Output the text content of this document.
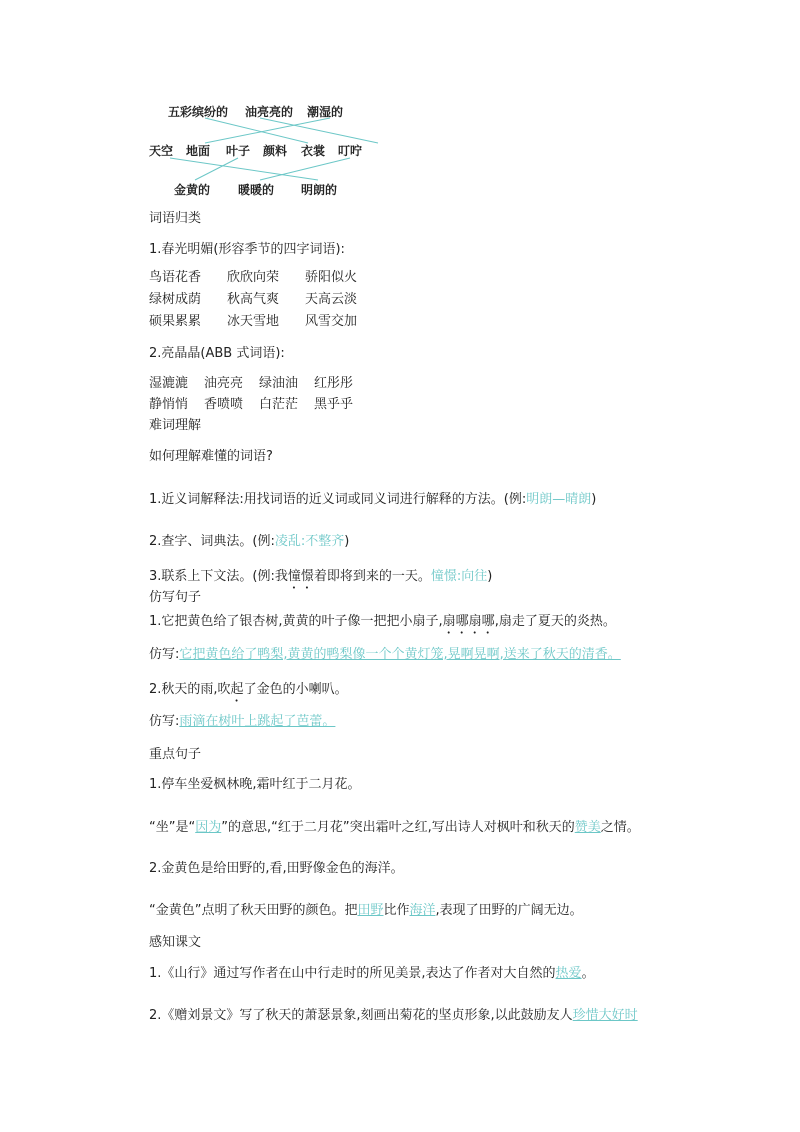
五彩缤纷的 油亮亮的 潮湿的
天空 地面 叶子 颜料 衣裳 叮咛
金黄的 暖暖的 明朗的
词语归类
1.春光明媚(形容季节的四字词语):
鸟语花香 欣欣向荣 骄阳似火
绿树成荫 秋高气爽 天高云淡
硕果累累 冰天雪地 风雪交加
2.亮晶晶(ABB 式词语):
湿漉漉 油亮亮 绿油油 红彤彤
静悄悄 香喷喷 白茫茫 黑乎乎
难词理解
如何理解难懂的词语?
1.近义词解释法:用找词语的近义词或同义词进行解释的方法。(例:明朗—晴朗)
2.查字、词典法。(例:凌乱:不整齐)
3.联系上下文法。(例:我憧憬着即将到来的一天。憧憬:向往)
仿写句子
1.它把黄色给了银杏树,黄黄的叶子像一把把小扇子,扇哪扇哪,扇走了夏天的炎热。
仿写:它把黄色给了鸭梨,黄黄的鸭梨像一个个黄灯笼,晃啊晃啊,送来了秋天的清香。
2.秋天的雨,吹起了金色的小喇叭。
仿写:雨滴在树叶上跳起了芭蕾。
重点句子
1.停车坐爱枫林晚,霜叶红于二月花。
“坐”是“因为”的意思,“红于二月花”突出霜叶之红,写出诗人对枫叶和秋天的赞美之情。
2.金黄色是给田野的,看,田野像金色的海洋。
“金黄色”点明了秋天田野的颜色。把田野比作海洋,表现了田野的广阔无边。
感知课文
1.《山行》通过写作者在山中行走时的所见美景,表达了作者对大自然的热爱。
2.《赠刘景文》写了秋天的萧瑟景象,刻画出菊花的坚贞形象,以此鼓励友人珍惜大好时
